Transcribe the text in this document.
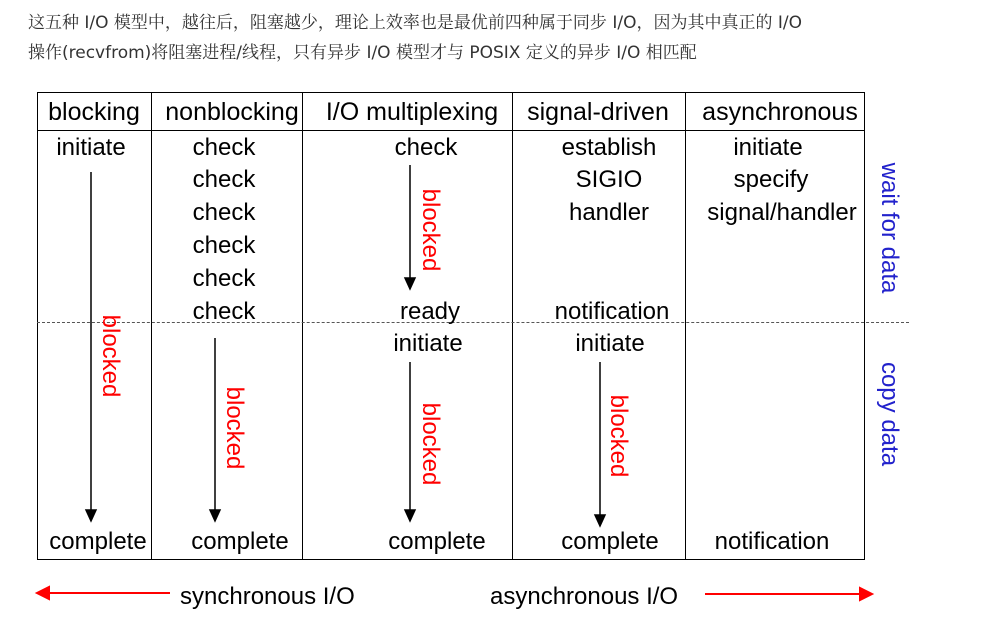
这五种 I/O 模型中，越往后，阻塞越少，理论上效率也是最优前四种属于同步 I/O，因为其中真正的 I/O

操作(recvfrom)将阻塞进程/线程，只有异步 I/O 模型才与 POSIX 定义的异步 I/O 相匹配

blocking nonblocking I/O multiplexing signal-driven asynchronous
initiate
complete
check
check
check
check
check
check
complete
check
ready
initiate
complete
establish
SIGIO
handler
notification
initiate
complete
initiate
specify
signal/handler
notification
blocked
blocked
blocked
blocked	blocked
wait for data
copy data
synchronous I/O	asynchronous I/O
